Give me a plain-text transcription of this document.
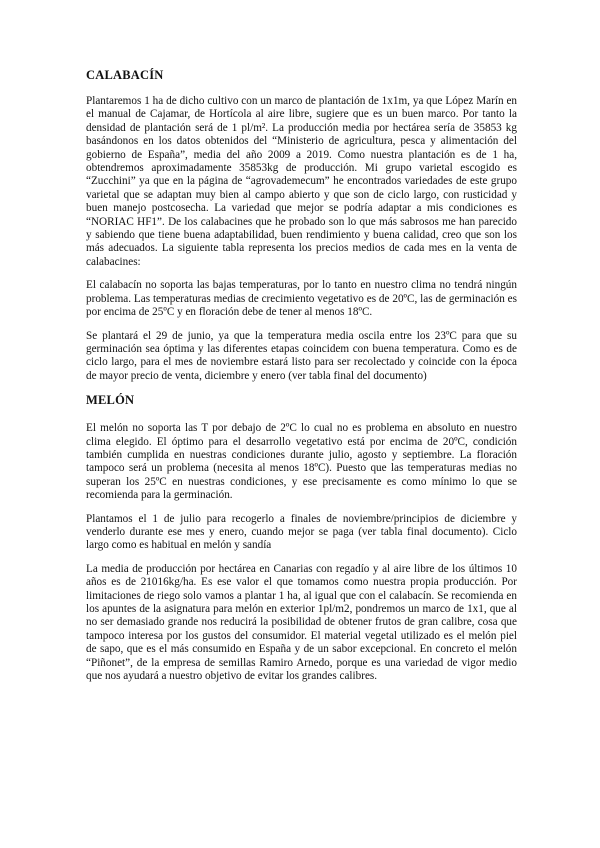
CALABACÍN

Plantaremos 1 ha de dicho cultivo con un marco de plantación de 1x1m, ya que López Marín en el manual de Cajamar, de Hortícola al aire libre, sugiere que es un buen marco. Por tanto la densidad de plantación será de 1 pl/m². La producción media por hectárea sería de 35853 kg basándonos en los datos obtenidos del “Ministerio de agricultura, pesca y alimentación del gobierno de España”, media del año 2009 a 2019. Como nuestra plantación es de 1 ha, obtendremos aproximadamente 35853kg de producción. Mi grupo varietal escogido es “Zucchini” ya que en la página de “agrovademecum” he encontrados variedades de este grupo varietal que se adaptan muy bien al campo abierto y que son de ciclo largo, con rusticidad y buen manejo postcosecha. La variedad que mejor se podría adaptar a mis condiciones es “NORIAC HF1”. De los calabacines que he probado son lo que más sabrosos me han parecido y sabiendo que tiene buena adaptabilidad, buen rendimiento y buena calidad, creo que son los más adecuados. La siguiente tabla representa los precios medios de cada mes en la venta de calabacines:

El calabacín no soporta las bajas temperaturas, por lo tanto en nuestro clima no tendrá ningún problema. Las temperaturas medias de crecimiento vegetativo es de 20ºC, las de germinación es por encima de 25ºC y en floración debe de tener al menos 18ºC.

Se plantará el 29 de junio, ya que la temperatura media oscila entre los 23ºC para que su germinación sea óptima y las diferentes etapas coincidem con buena temperatura. Como es de ciclo largo, para el mes de noviembre estará listo para ser recolectado y coincide con la época de mayor precio de venta, diciembre y enero (ver tabla final del documento)

MELÓN

El melón no soporta las T por debajo de 2ºC lo cual no es problema en absoluto en nuestro clima elegido. El óptimo para el desarrollo vegetativo está por encima de 20ºC, condición también cumplida en nuestras condiciones durante julio, agosto y septiembre. La floración tampoco será un problema (necesita al menos 18ºC). Puesto que las temperaturas medias no superan los 25ºC en nuestras condiciones, y ese precisamente es como mínimo lo que se recomienda para la germinación.

Plantamos el 1 de julio para recogerlo a finales de noviembre/principios de diciembre y venderlo durante ese mes y enero, cuando mejor se paga (ver tabla final documento). Ciclo largo como es habitual en melón y sandía

La media de producción por hectárea en Canarias con regadío y al aire libre de los últimos 10 años es de 21016kg/ha. Es ese valor el que tomamos como nuestra propia producción. Por limitaciones de riego solo vamos a plantar 1 ha, al igual que con el calabacín. Se recomienda en los apuntes de la asignatura para melón en exterior 1pl/m2, pondremos un marco de 1x1, que al no ser demasiado grande nos reducirá la posibilidad de obtener frutos de gran calibre, cosa que tampoco interesa por los gustos del consumidor. El material vegetal utilizado es el melón piel de sapo, que es el más consumido en España y de un sabor excepcional. En concreto el melón “Piñonet”, de la empresa de semillas Ramiro Arnedo, porque es una variedad de vigor medio que nos ayudará a nuestro objetivo de evitar los grandes calibres.
